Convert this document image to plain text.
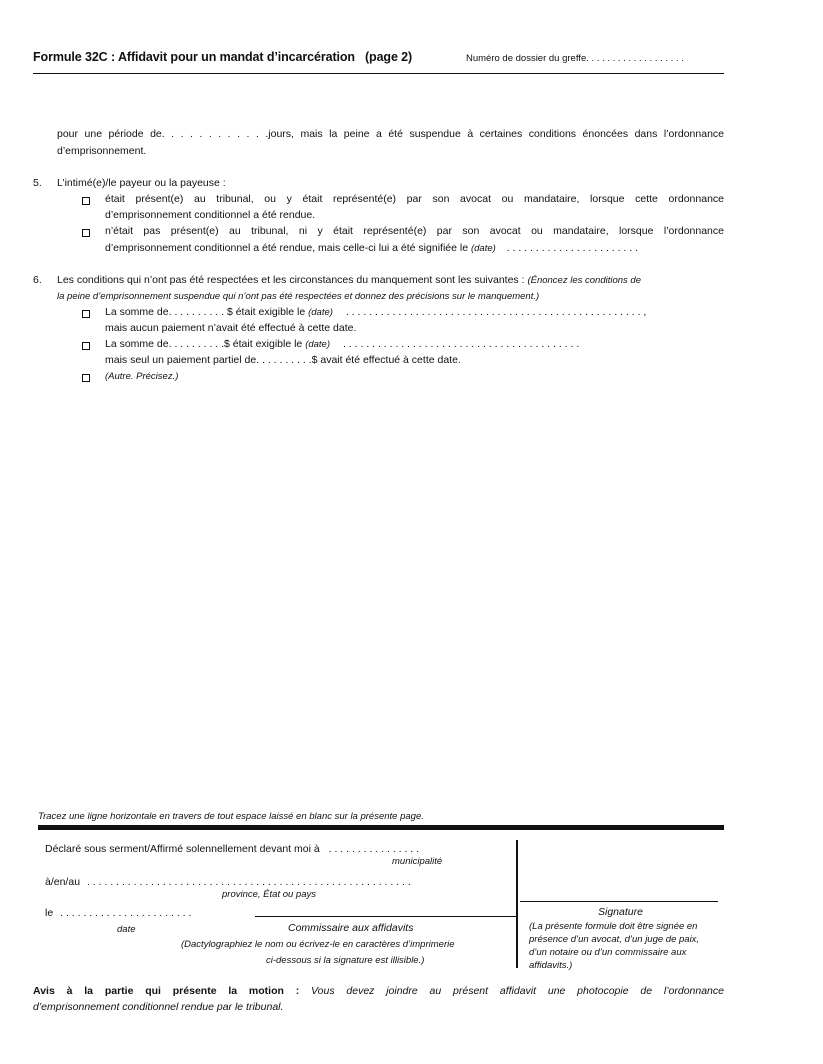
Formule 32C : Affidavit pour un mandat d’incarcération (page 2)	Numéro de dossier du greffe. . . . . . . . . . . . . . . . . . .
pour une période de. . . . . . . . . . . .jours, mais la peine a été suspendue à certaines conditions énoncées dans l’ordonnance
d’emprisonnement.
5. L’intimé(e)/le payeur ou la payeuse :
était présent(e) au tribunal, ou y était représenté(e) par son avocat ou mandataire, lorsque cette ordonnance
d’emprisonnement conditionnel a été rendue.
n’était pas présent(e) au tribunal, ni y était représenté(e) par son avocat ou mandataire, lorsque l’ordonnance
d’emprisonnement conditionnel a été rendue, mais celle-ci lui a été signifiée le (date) . . . . . . . . . . . . . . . . . . . . . . .
6. Les conditions qui n’ont pas été respectées et les circonstances du manquement sont les suivantes : (Énoncez les conditions de
la peine d’emprisonnement suspendue qui n’ont pas été respectées et donnez des précisions sur le manquement.)
La somme de. . . . . . . . . . $ était exigible le (date) . . . . . . . . . . . . . . . . . . . . . . . . . . . . . . . . . . . . . . . . . . . . . . . . . . . ,
mais aucun paiement n’avait été effectué à cette date.
La somme de. . . . . . . . . .$ était exigible le (date) . . . . . . . . . . . . . . . . . . . . . . . . . . . . . . . . . . . . . . . . .
mais seul un paiement partiel de. . . . . . . . . .$ avait été effectué à cette date.
(Autre. Précisez.)
Tracez une ligne horizontale en travers de tout espace laissé en blanc sur la présente page.
Déclaré sous serment/Affirmé solennellement devant moi à . . . . . . . . . . . . . . . .
municipalité
à/en/au . . . . . . . . . . . . . . . . . . . . . . . . . . . . . . . . . . . . . . . . . . . . . . . . . . . . . . . .
province, État ou pays
le . . . . . . . . . . . . . . . . . . . . . . .
date	Commissaire aux affidavits
(Dactylographiez le nom ou écrivez-le en caractères d’imprimerie
ci-dessous si la signature est illisible.)
Signature
(La présente formule doit être signée en
présence d’un avocat, d’un juge de paix,
d’un notaire ou d’un commissaire aux
affidavits.)
Avis à la partie qui présente la motion : Vous devez joindre au présent affidavit une photocopie de l’ordonnance
d’emprisonnement conditionnel rendue par le tribunal.
